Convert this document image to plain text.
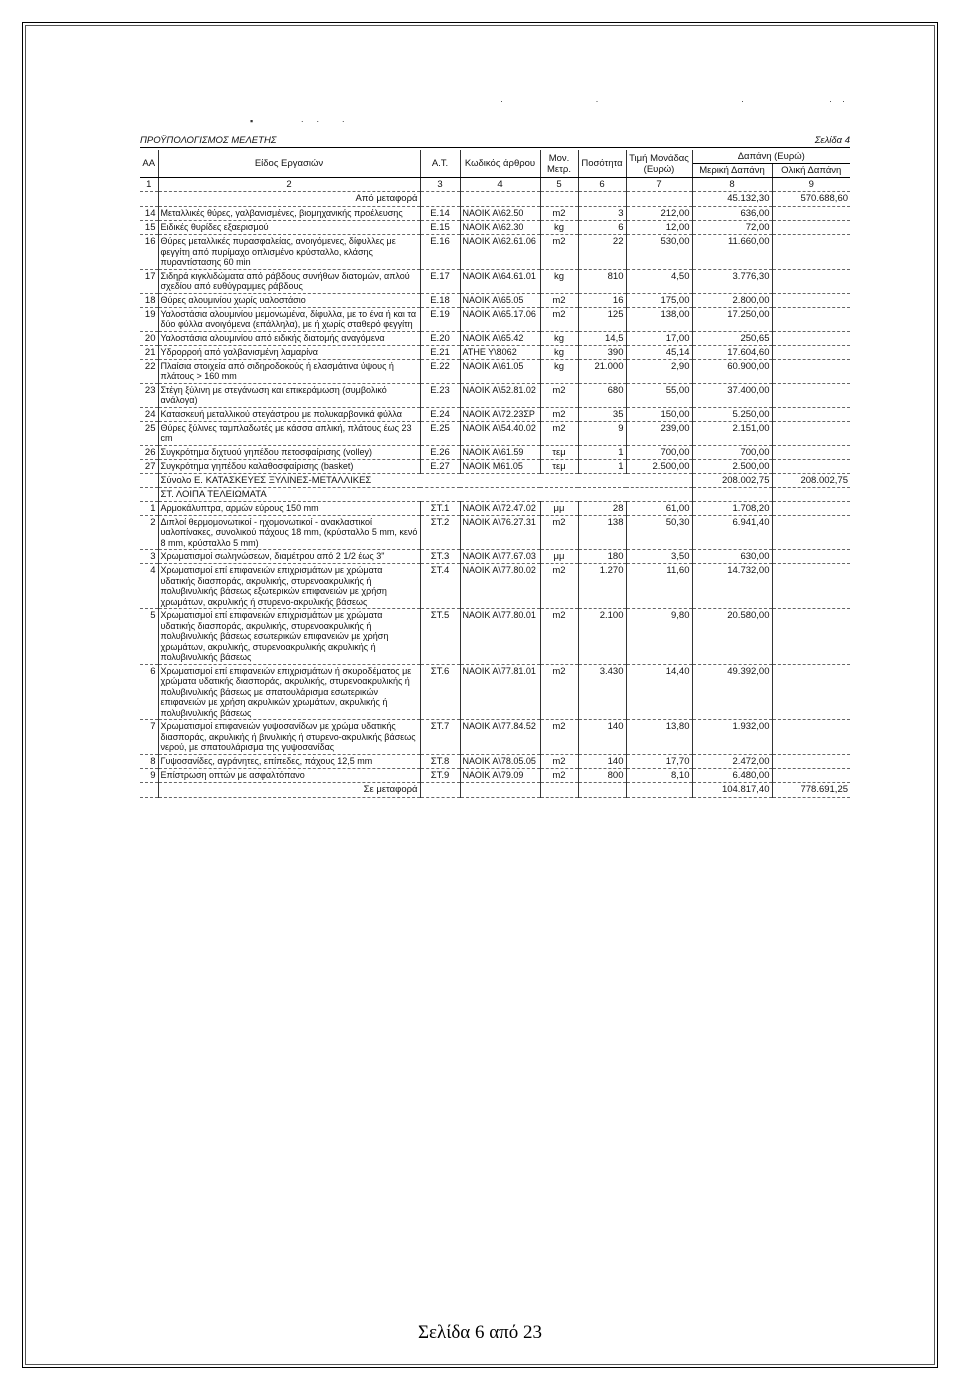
·                                     ·                                                         ·                                  ·    ·
▪                   ·     ·         ·
ΠΡΟΫΠΟΛΟΓΙΣΜΟΣ ΜΕΛΕΤΗΣ	Σελίδα 4
ΑΑ	Είδος Εργασιών	Α.Τ.	Κωδικός άρθρου	Μον. Μετρ.	Ποσότητα	Τιμή Μονάδας (Ευρώ)	Δαπάνη (Ευρώ)	
							Μερική Δαπάνη	Ολική Δαπάνη
1	2	3	4	5	6	7	8	9
	Από μεταφορά						45.132,30	570.688,60
14	Μεταλλικές θύρες, γαλβανισμένες, βιομηχανικής προέλευσης	Ε.14	ΝΑΟΙΚ Α\62.50	m2	3	212,00	636,00	
15	Ειδικές θυρίδες εξαερισμού	Ε.15	ΝΑΟΙΚ Α\62.30	kg	6	12,00	72,00	
16	Θύρες μεταλλικές πυρασφαλείας, ανοιγόμενες, δίφυλλες με φεγγίτη από πυρίμαχο οπλισμένο κρύσταλλο, κλάσης πυραντίστασης 60 min	Ε.16	ΝΑΟΙΚ Α\62.61.06	m2	22	530,00	11.660,00	
17	Σιδηρά κιγκλιδώματα από ράβδους συνήθων διατομών, απλού σχεδίου από ευθύγραμμες ράβδους	Ε.17	ΝΑΟΙΚ Α\64.61.01	kg	810	4,50	3.776,30	
18	Θύρες αλουμινίου χωρίς υαλοστάσιο	Ε.18	ΝΑΟΙΚ Α\65.05	m2	16	175,00	2.800,00	
19	Υαλοστάσια αλουμινίου μεμονωμένα, δίφυλλα, με το ένα ή και τα δύο φύλλα ανοιγόμενα (επάλληλα), με ή χωρίς σταθερό φεγγίτη	Ε.19	ΝΑΟΙΚ Α\65.17.06	m2	125	138,00	17.250,00	
20	Υαλοστάσια αλουμινίου από ειδικής διατομής αναγόμενα	Ε.20	ΝΑΟΙΚ Α\65.42	kg	14,5	17,00	250,65	
21	Υδρορροή από γαλβανισμένη λαμαρίνα	Ε.21	ΑΤΗΕ Υ\8062	kg	390	45,14	17.604,60	
22	Πλαίσια στοιχεία από σιδηροδοκούς ή ελασμάτινα ύψους ή πλάτους > 160 mm	Ε.22	ΝΑΟΙΚ Α\61.05	kg	21.000	2,90	60.900,00	
23	Στέγη ξύλινη με στεγάνωση και επικεράμωση (συμβολικό ανάλογα)	Ε.23	ΝΑΟΙΚ Α\52.81.02	m2	680	55,00	37.400,00	
24	Κατασκευή μεταλλικού στεγάστρου με πολυκαρβονικά φύλλα	Ε.24	ΝΑΟΙΚ Α\72.23ΣΡ	m2	35	150,00	5.250,00	
25	Θύρες ξύλινες ταμπλαδωτές με κάσσα απλική, πλάτους έως 23 cm	Ε.25	ΝΑΟΙΚ Α\54.40.02	m2	9	239,00	2.151,00	
26	Συγκρότημα διχτυού γηπέδου πετοσφαίρισης (volley)	Ε.26	ΝΑΟΙΚ Α\61.59	τεμ	1	700,00	700,00	
27	Συγκρότημα γηπέδου καλαθοσφαίρισης (basket)	Ε.27	ΝΑΟΙΚ Μ61.05	τεμ	1	2.500,00	2.500,00	
	Σύνολο Ε. ΚΑΤΑΣΚΕΥΕΣ ΞΥΛΙΝΕΣ-ΜΕΤΑΛΛΙΚΕΣ						208.002,75	208.002,75
	ΣΤ. ΛΟΙΠΑ ΤΕΛΕΙΩΜΑΤΑ							
1	Αρμοκάλυπτρα, αρμών εύρους 150 mm	ΣΤ.1	ΝΑΟΙΚ Α\72.47.02	μμ	28	61,00	1.708,20	
2	Διπλοί θερμομονωτικοί - ηχομονωτικοί - ανακλαστικοί υαλοπίνακες, συνολικού πάχους 18 mm, (κρύσταλλο 5 mm, κενό 8 mm, κρύσταλλο 5 mm)	ΣΤ.2	ΝΑΟΙΚ Α\76.27.31	m2	138	50,30	6.941,40	
3	Χρωματισμοί σωληνώσεων, διαμέτρου από 2 1/2 έως 3"	ΣΤ.3	ΝΑΟΙΚ Α\77.67.03	μμ	180	3,50	630,00	
4	Χρωματισμοί επί επιφανειών επιχρισμάτων με χρώματα υδατικής διασποράς, ακρυλικής, στυρενοακρυλικής ή πολυβινυλικής βάσεως εξωτερικών επιφανειών με χρήση χρωμάτων, ακρυλικής ή στυρενο-ακρυλικής βάσεως	ΣΤ.4	ΝΑΟΙΚ Α\77.80.02	m2	1.270	11,60	14.732,00	
5	Χρωματισμοί επί επιφανειών επιχρισμάτων με χρώματα υδατικής διασποράς, ακρυλικής, στυρενοακρυλικής ή πολυβινυλικής βάσεως εσωτερικών επιφανειών με χρήση χρωμάτων, ακρυλικής, στυρενοακρυλικής ακρυλικής ή πολυβινυλικής βάσεως	ΣΤ.5	ΝΑΟΙΚ Α\77.80.01	m2	2.100	9,80	20.580,00	
6	Χρωματισμοί επί επιφανειών επιχρισμάτων ή σκυροδέματος με χρώματα υδατικής διασποράς, ακρυλικής, στυρενοακρυλικής ή πολυβινυλικής βάσεως με σπατουλάρισμα εσωτερικών επιφανειών με χρήση ακρυλικών χρωμάτων, ακρυλικής ή πολυβινυλικής βάσεως	ΣΤ.6	ΝΑΟΙΚ Α\77.81.01	m2	3.430	14,40	49.392,00	
7	Χρωματισμοί επιφανειών γυψοσανίδων με χρώμα υδατικής διασποράς, ακρυλικής ή βινυλικής ή στυρενο-ακρυλικής βάσεως νερού, με σπατουλάρισμα της γυψοσανίδας	ΣΤ.7	ΝΑΟΙΚ Α\77.84.52	m2	140	13,80	1.932,00	
8	Γυψοσανίδες, αγράνητες, επίπεδες, πάχους 12,5 mm	ΣΤ.8	ΝΑΟΙΚ Α\78.05.05	m2	140	17,70	2.472,00	
9	Επίστρωση οπτών με ασφαλτόπανο	ΣΤ.9	ΝΑΟΙΚ Α\79.09	m2	800	8,10	6.480,00	
	Σε μεταφορά						104.817,40	778.691,25
Σελίδα 6 από 23
